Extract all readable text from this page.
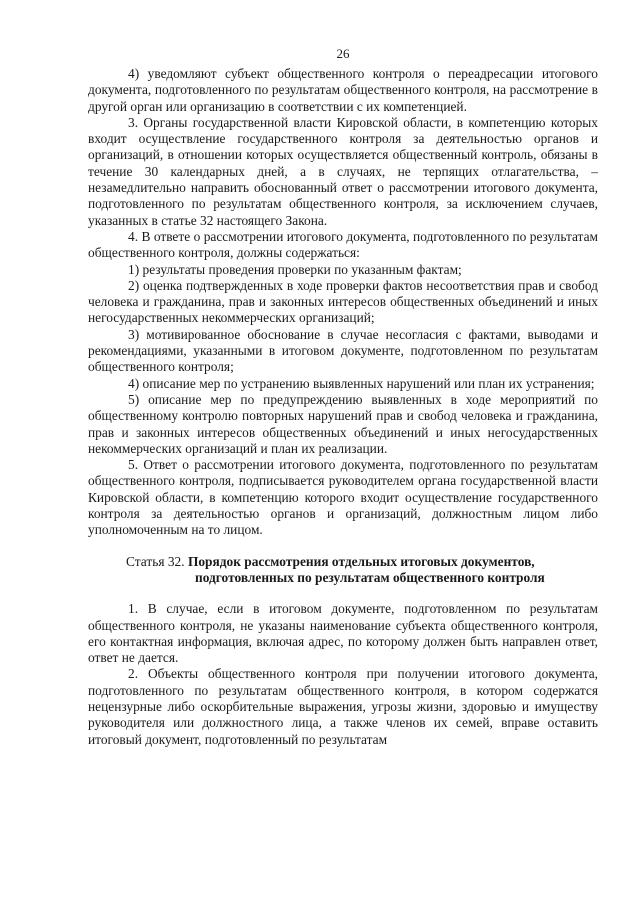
26

4) уведомляют субъект общественного контроля о переадресации итогового документа, подготовленного по результатам общественного контроля, на рассмотрение в другой орган или организацию в соответствии с их компетенцией.

3. Органы государственной власти Кировской области, в компетенцию которых входит осуществление государственного контроля за деятельностью органов и организаций, в отношении которых осуществляется общественный контроль, обязаны в течение 30 календарных дней, а в случаях, не терпящих отлагательства, – незамедлительно направить обоснованный ответ о рассмотрении итогового документа, подготовленного по результатам общественного контроля, за исключением случаев, указанных в статье 32 настоящего Закона.

4. В ответе о рассмотрении итогового документа, подготовленного по результатам общественного контроля, должны содержаться:

1) результаты проведения проверки по указанным фактам;

2) оценка подтвержденных в ходе проверки фактов несоответствия прав и свобод человека и гражданина, прав и законных интересов общественных объединений и иных негосударственных некоммерческих организаций;

3) мотивированное обоснование в случае несогласия с фактами, выводами и рекомендациями, указанными в итоговом документе, подготовленном по результатам общественного контроля;

4) описание мер по устранению выявленных нарушений или план их устранения;

5) описание мер по предупреждению выявленных в ходе мероприятий по общественному контролю повторных нарушений прав и свобод человека и гражданина, прав и законных интересов общественных объединений и иных негосударственных некоммерческих организаций и план их реализации.

5. Ответ о рассмотрении итогового документа, подготовленного по результатам общественного контроля, подписывается руководителем органа государственной власти Кировской области, в компетенцию которого входит осуществление государственного контроля за деятельностью органов и организаций, должностным лицом либо уполномоченным на то лицом.

Статья 32. Порядок рассмотрения отдельных итоговых документов,
подготовленных по результатам общественного контроля

1. В случае, если в итоговом документе, подготовленном по результатам общественного контроля, не указаны наименование субъекта общественного контроля, его контактная информация, включая адрес, по которому должен быть направлен ответ, ответ не дается.

2. Объекты общественного контроля при получении итогового документа, подготовленного по результатам общественного контроля, в котором содержатся нецензурные либо оскорбительные выражения, угрозы жизни, здоровью и имуществу руководителя или должностного лица, а также членов их семей, вправе оставить итоговый документ, подготовленный по результатам
